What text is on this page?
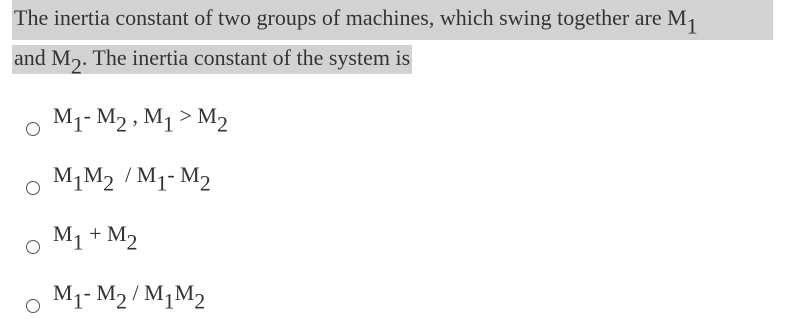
The inertia constant of two groups of machines, which swing together are $M_1$
and $M_2$. The inertia constant of the system is
$M_1-$ $M_2$ , $M_1 > M_2$
$M_1M_2 / M_1-$ $M_2$
$M_1 + M_2$
$M_1-$ $M_2 / M_1M_2$
